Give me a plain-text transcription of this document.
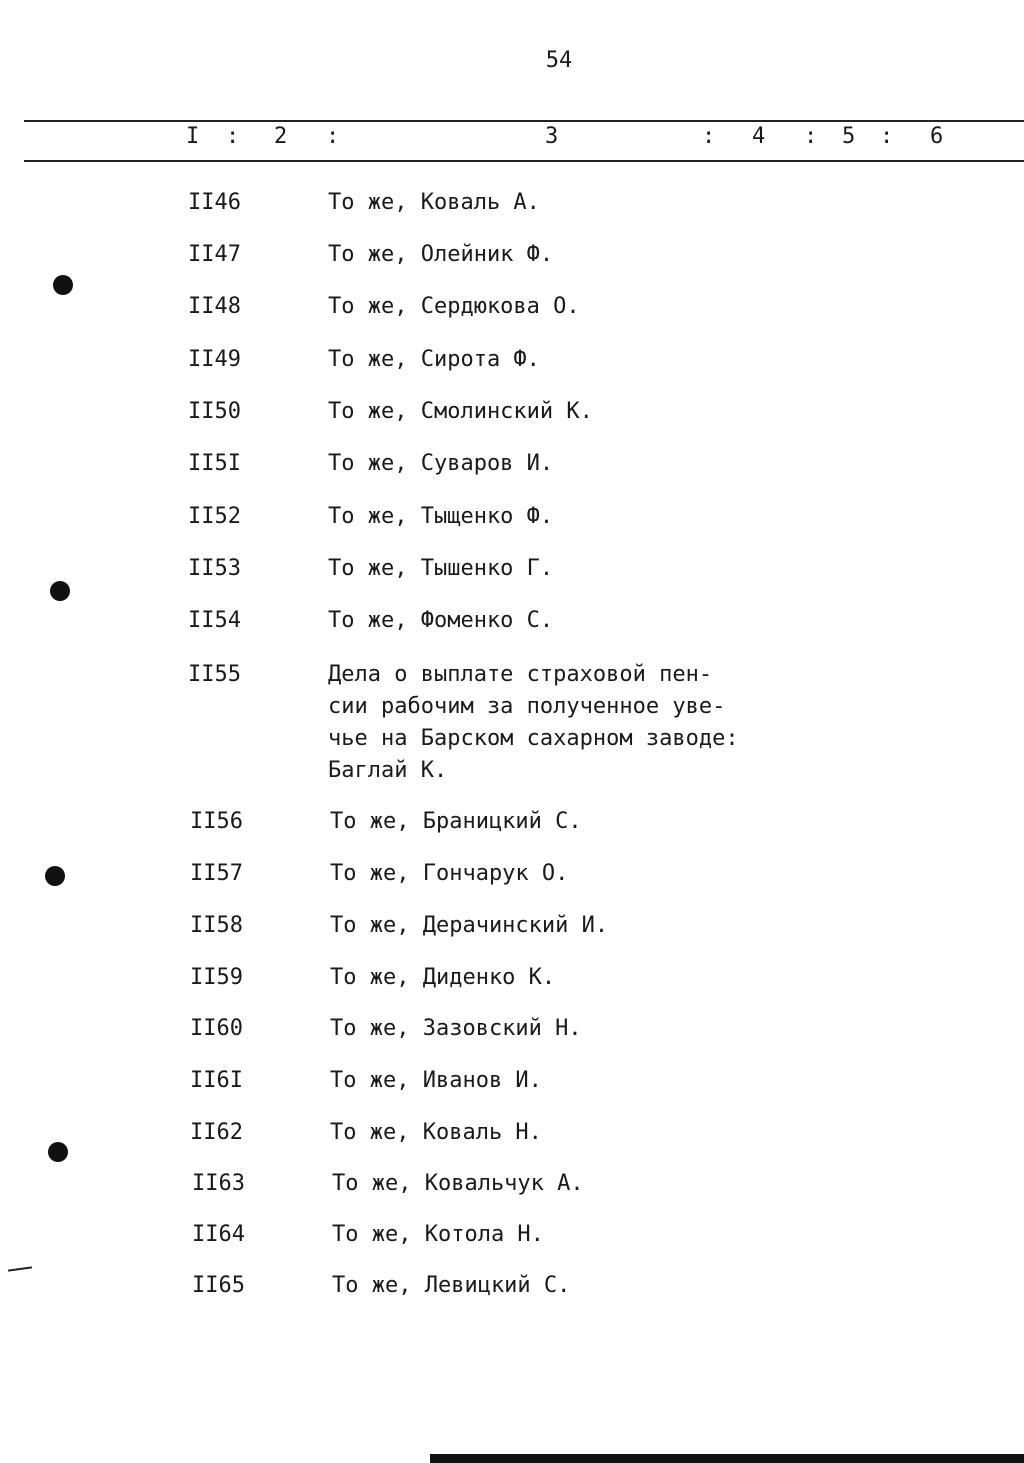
54
I : 2 :	3	: 4 : 5 : 6
II46	То же, Коваль А.
II47	То же, Олейник Ф.
II48	То же, Сердюкова О.
II49	То же, Сирота Ф.
II50	То же, Смолинский К.
II5I	То же, Суваров И.
II52	То же, Тыщенко Ф.
II53	То же, Тышенко Г.
II54	То же, Фоменко С.
II55	Дела о выплате страховой пен-
сии рабочим за полученное уве-
чье на Барском сахарном заводе:
Баглай К.
II56	То же, Браницкий С.
II57	То же, Гончарук О.
II58	То же, Дерачинский И.
II59	То же, Диденко К.
II60	То же, Зазовский Н.
II6I	То же, Иванов И.
II62	То же, Коваль Н.
II63	То же, Ковальчук А.
II64	То же, Котола Н.
II65	То же, Левицкий С.
